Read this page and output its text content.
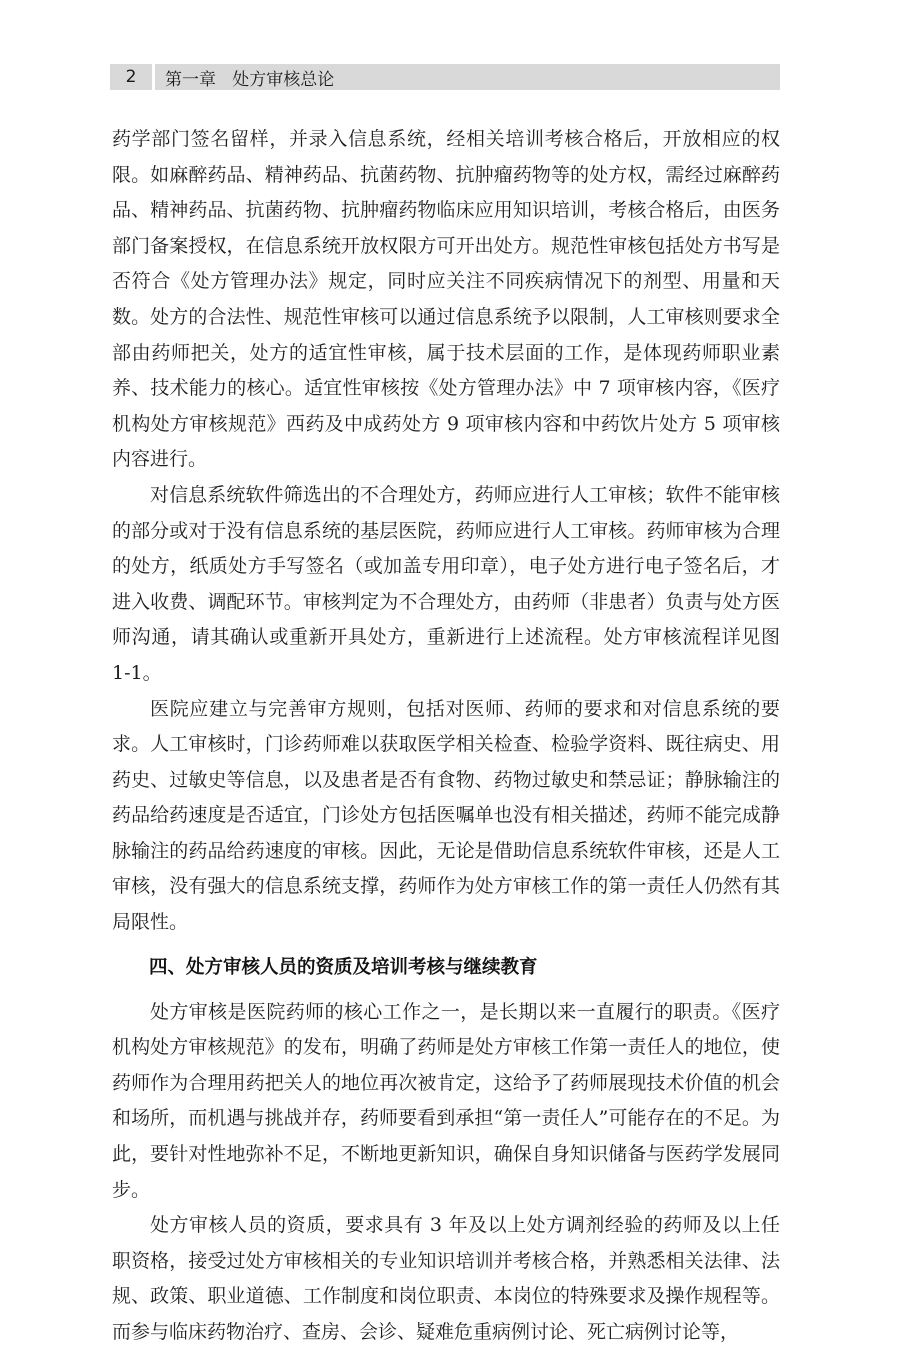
2	第一章   处方审核总论

药学部门签名留样，并录入信息系统，经相关培训考核合格后，开放相应的权限。如麻醉药品、精神药品、抗菌药物、抗肿瘤药物等的处方权，需经过麻醉药品、精神药品、抗菌药物、抗肿瘤药物临床应用知识培训，考核合格后，由医务部门备案授权，在信息系统开放权限方可开出处方。规范性审核包括处方书写是否符合《处方管理办法》规定，同时应关注不同疾病情况下的剂型、用量和天数。处方的合法性、规范性审核可以通过信息系统予以限制，人工审核则要求全部由药师把关，处方的适宜性审核，属于技术层面的工作，是体现药师职业素养、技术能力的核心。适宜性审核按《处方管理办法》中 7 项审核内容，《医疗机构处方审核规范》西药及中成药处方 9 项审核内容和中药饮片处方 5 项审核内容进行。

对信息系统软件筛选出的不合理处方，药师应进行人工审核；软件不能审核的部分或对于没有信息系统的基层医院，药师应进行人工审核。药师审核为合理的处方，纸质处方手写签名（或加盖专用印章），电子处方进行电子签名后，才进入收费、调配环节。审核判定为不合理处方，由药师（非患者）负责与处方医师沟通，请其确认或重新开具处方，重新进行上述流程。处方审核流程详见图 1-1。

医院应建立与完善审方规则，包括对医师、药师的要求和对信息系统的要求。人工审核时，门诊药师难以获取医学相关检查、检验学资料、既往病史、用药史、过敏史等信息，以及患者是否有食物、药物过敏史和禁忌证；静脉输注的药品给药速度是否适宜，门诊处方包括医嘱单也没有相关描述，药师不能完成静脉输注的药品给药速度的审核。因此，无论是借助信息系统软件审核，还是人工审核，没有强大的信息系统支撑，药师作为处方审核工作的第一责任人仍然有其局限性。

四、处方审核人员的资质及培训考核与继续教育

处方审核是医院药师的核心工作之一，是长期以来一直履行的职责。《医疗机构处方审核规范》的发布，明确了药师是处方审核工作第一责任人的地位，使药师作为合理用药把关人的地位再次被肯定，这给予了药师展现技术价值的机会和场所，而机遇与挑战并存，药师要看到承担“第一责任人”可能存在的不足。为此，要针对性地弥补不足，不断地更新知识，确保自身知识储备与医药学发展同步。

处方审核人员的资质，要求具有 3 年及以上处方调剂经验的药师及以上任职资格，接受过处方审核相关的专业知识培训并考核合格，并熟悉相关法律、法规、政策、职业道德、工作制度和岗位职责、本岗位的特殊要求及操作规程等。而参与临床药物治疗、查房、会诊、疑难危重病例讨论、死亡病例讨论等，
